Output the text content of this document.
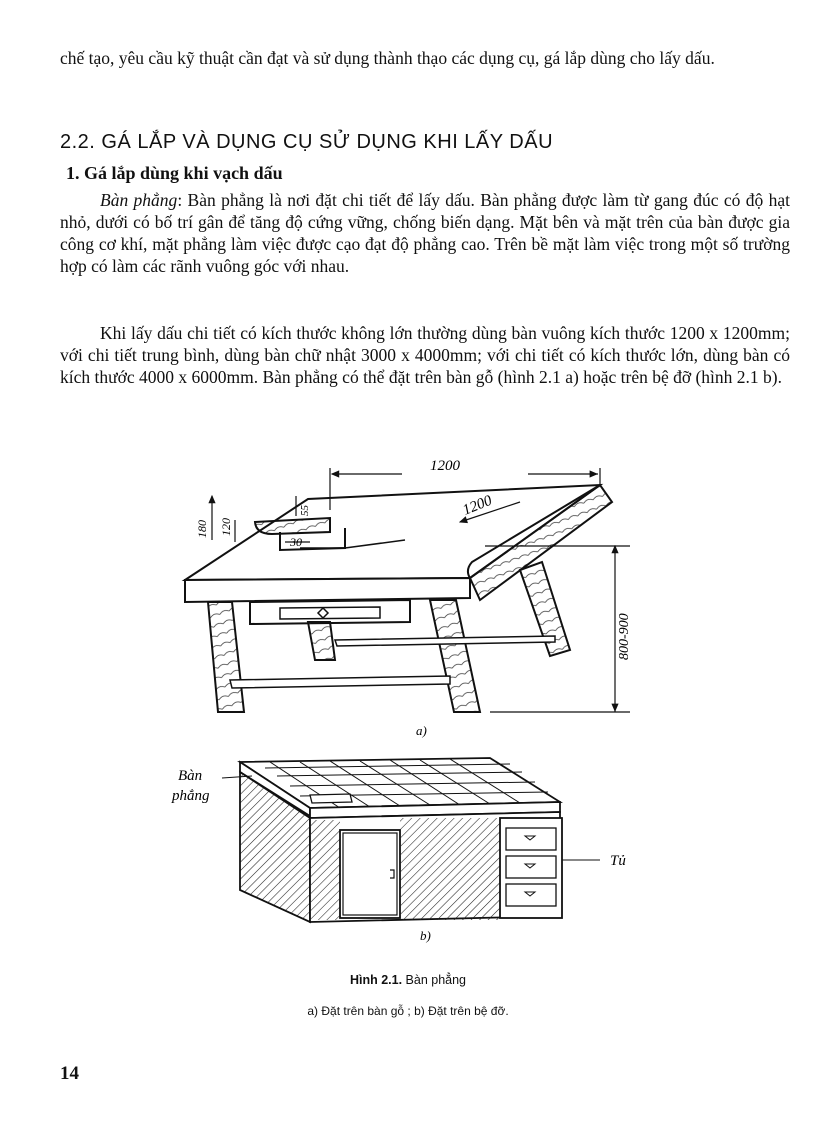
chế tạo, yêu cầu kỹ thuật cần đạt và sử dụng thành thạo các dụng cụ, gá lắp dùng cho lấy dấu.

2.2. GÁ LẮP VÀ DỤNG CỤ SỬ DỤNG KHI LẤY DẤU
1. Gá lắp dùng khi vạch dấu

Bàn phẳng: Bàn phẳng là nơi đặt chi tiết để lấy dấu. Bàn phẳng được làm từ gang đúc có độ hạt nhỏ, dưới có bố trí gân để tăng độ cứng vững, chống biến dạng. Mặt bên và mặt trên của bàn được gia công cơ khí, mặt phẳng làm việc được cạo đạt độ phẳng cao. Trên bề mặt làm việc trong một số trường hợp có làm các rãnh vuông góc với nhau.

Khi lấy dấu chi tiết có kích thước không lớn thường dùng bàn vuông kích thước 1200 x 1200mm; với chi tiết trung bình, dùng bàn chữ nhật 3000 x 4000mm; với chi tiết có kích thước lớn, dùng bàn có kích thước 4000 x 6000mm. Bàn phẳng có thể đặt trên bàn gỗ (hình 2.1 a) hoặc trên bệ đỡ (hình 2.1 b).

1200
1200
180 120
55
30
800-900
a)
Bàn
phẳng
Tủ
b)
Hình 2.1. Bàn phẳng
a) Đặt trên bàn gỗ ; b) Đặt trên bệ đỡ.
14
